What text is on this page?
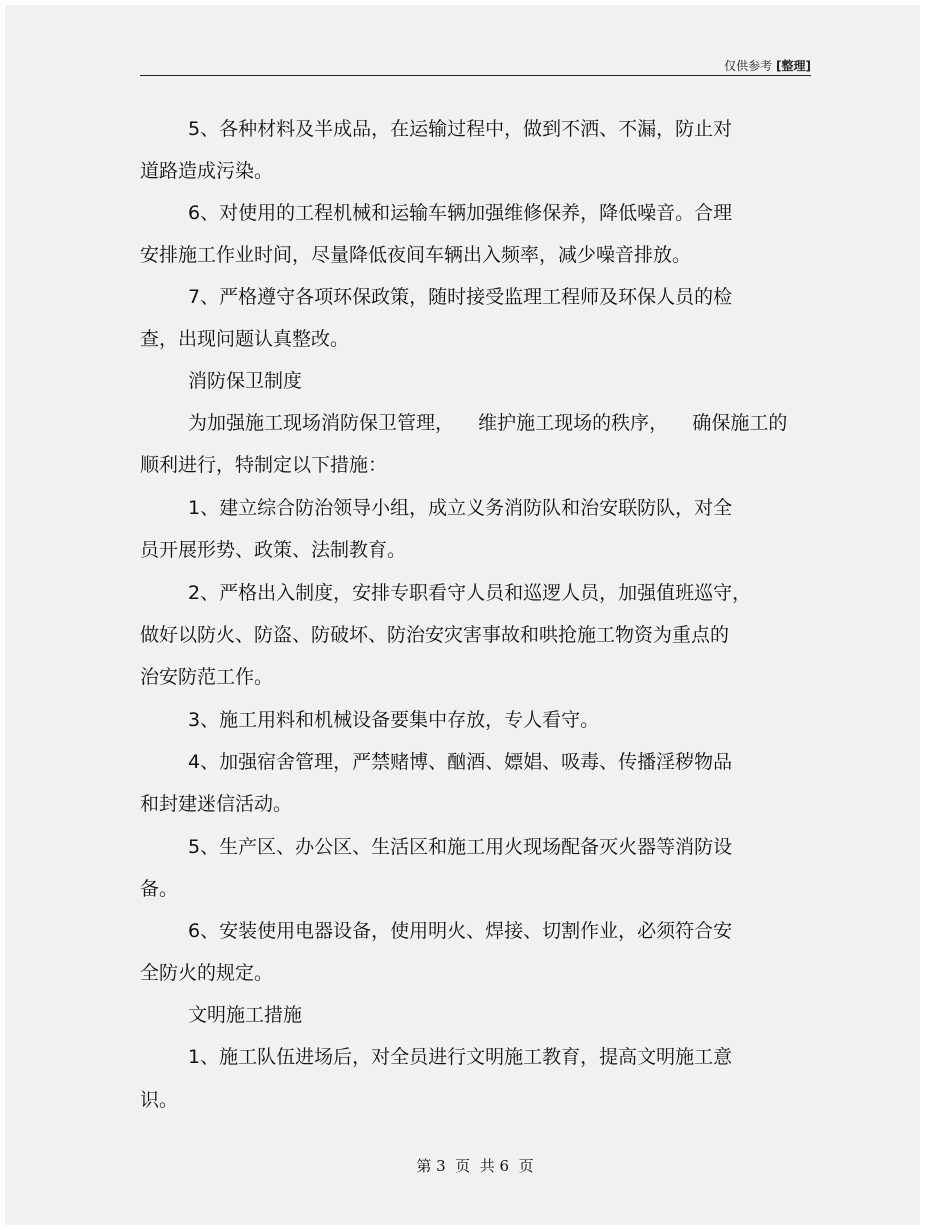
仅供参考 [整理]
5、各种材料及半成品，在运输过程中，做到不洒、不漏，防止对
道路造成污染。
6、对使用的工程机械和运输车辆加强维修保养，降低噪音。合理
安排施工作业时间，尽量降低夜间车辆出入频率，减少噪音排放。
7、严格遵守各项环保政策，随时接受监理工程师及环保人员的检
查，出现问题认真整改。
消防保卫制度
为加强施工现场消防保卫管理，    维护施工现场的秩序，    确保施工的
顺利进行，特制定以下措施：
1、建立综合防治领导小组，成立义务消防队和治安联防队，对全
员开展形势、政策、法制教育。
2、严格出入制度，安排专职看守人员和巡逻人员，加强值班巡守，
做好以防火、防盗、防破坏、防治安灾害事故和哄抢施工物资为重点的
治安防范工作。
3、施工用料和机械设备要集中存放，专人看守。
4、加强宿舍管理，严禁赌博、酗酒、嫖娼、吸毒、传播淫秽物品
和封建迷信活动。
5、生产区、办公区、生活区和施工用火现场配备灭火器等消防设
备。
6、安装使用电器设备，使用明火、焊接、切割作业，必须符合安
全防火的规定。
文明施工措施
1、施工队伍进场后，对全员进行文明施工教育，提高文明施工意
识。
第 3  页  共 6  页
